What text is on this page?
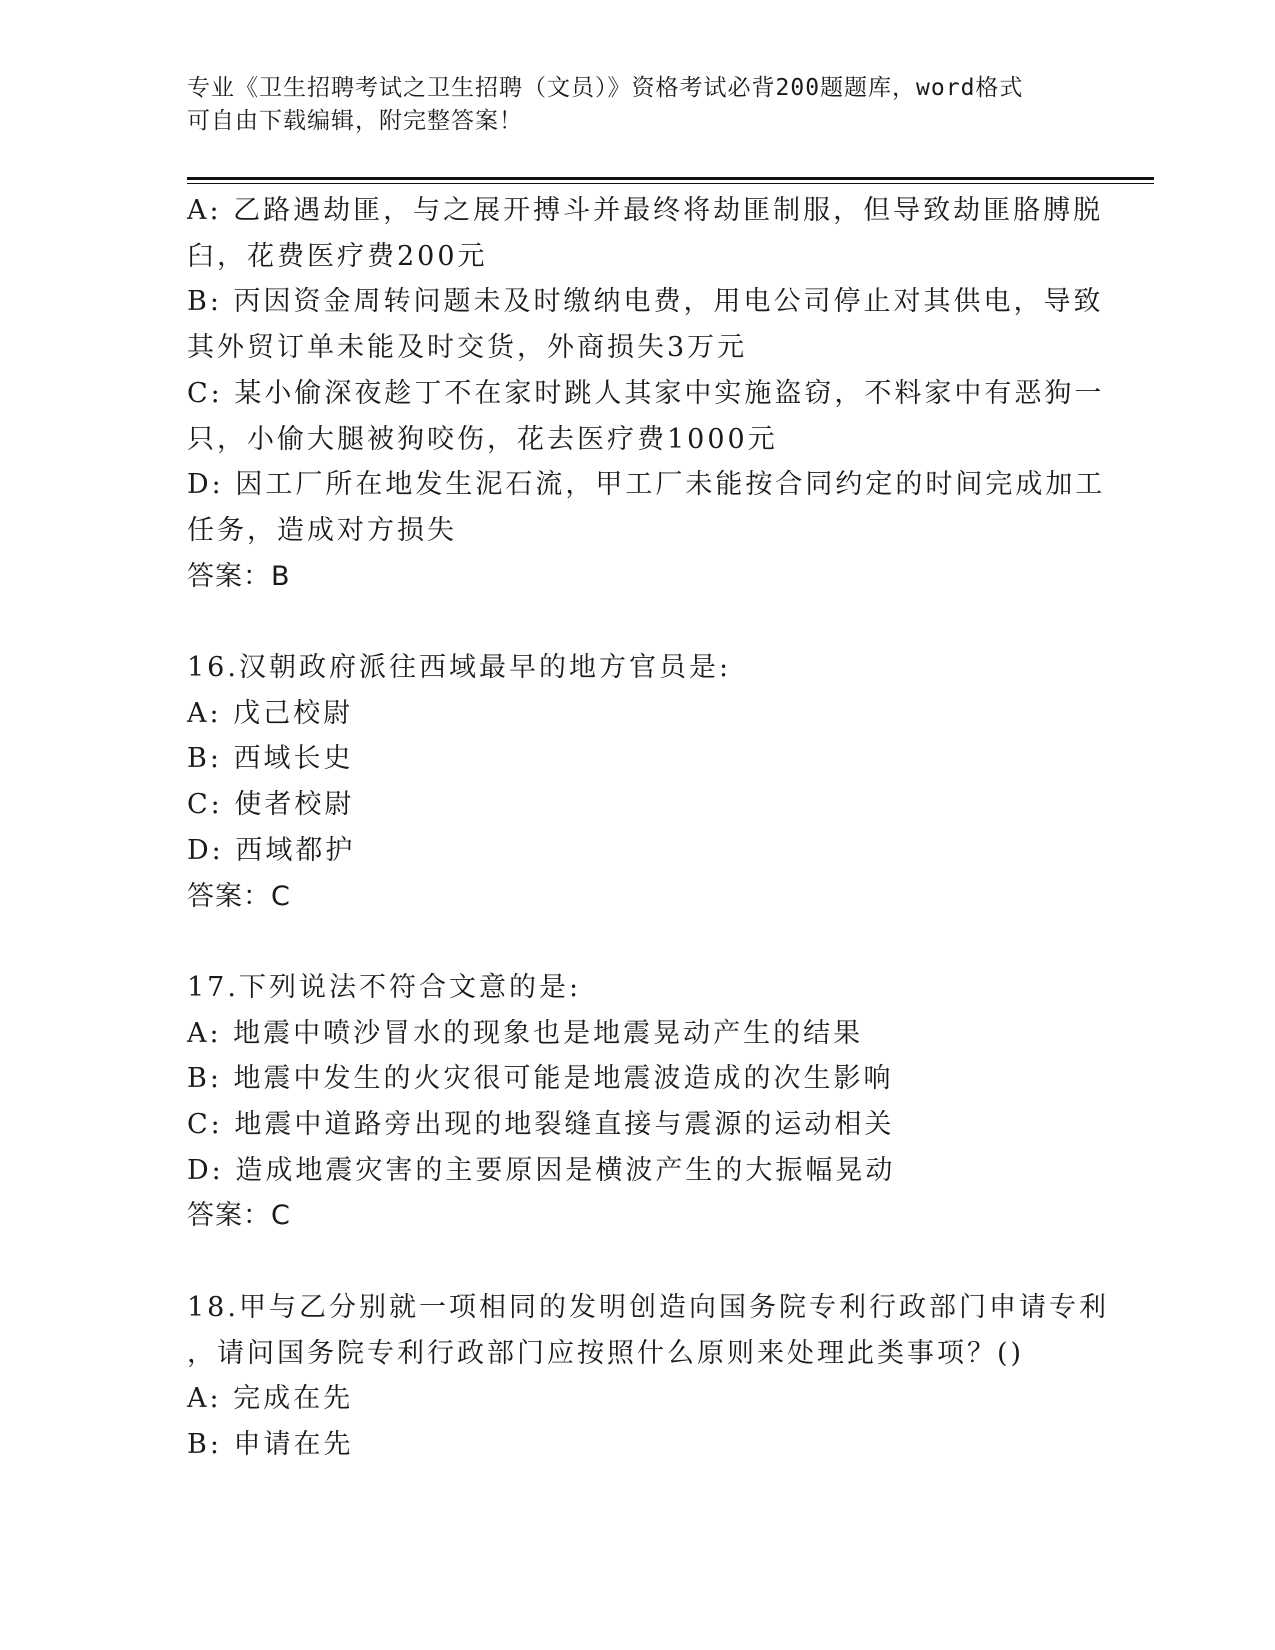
专业《卫生招聘考试之卫生招聘（文员）》资格考试必背200题题库，word格式
可自由下载编辑，附完整答案！
A: 乙路遇劫匪，与之展开搏斗并最终将劫匪制服，但导致劫匪胳膊脱
臼，花费医疗费200元
B: 丙因资金周转问题未及时缴纳电费，用电公司停止对其供电，导致
其外贸订单未能及时交货，外商损失3万元
C: 某小偷深夜趁丁不在家时跳人其家中实施盗窃，不料家中有恶狗一
只，小偷大腿被狗咬伤，花去医疗费1000元
D: 因工厂所在地发生泥石流，甲工厂未能按合同约定的时间完成加工
任务，造成对方损失
答案：B
16.汉朝政府派往西域最早的地方官员是:
A: 戊己校尉
B: 西域长史
C: 使者校尉
D: 西域都护
答案：C
17.下列说法不符合文意的是:
A: 地震中喷沙冒水的现象也是地震晃动产生的结果
B: 地震中发生的火灾很可能是地震波造成的次生影响
C: 地震中道路旁出现的地裂缝直接与震源的运动相关
D: 造成地震灾害的主要原因是横波产生的大振幅晃动
答案：C
18.甲与乙分别就一项相同的发明创造向国务院专利行政部门申请专利
，请问国务院专利行政部门应按照什么原则来处理此类事项？()
A: 完成在先
B: 申请在先
